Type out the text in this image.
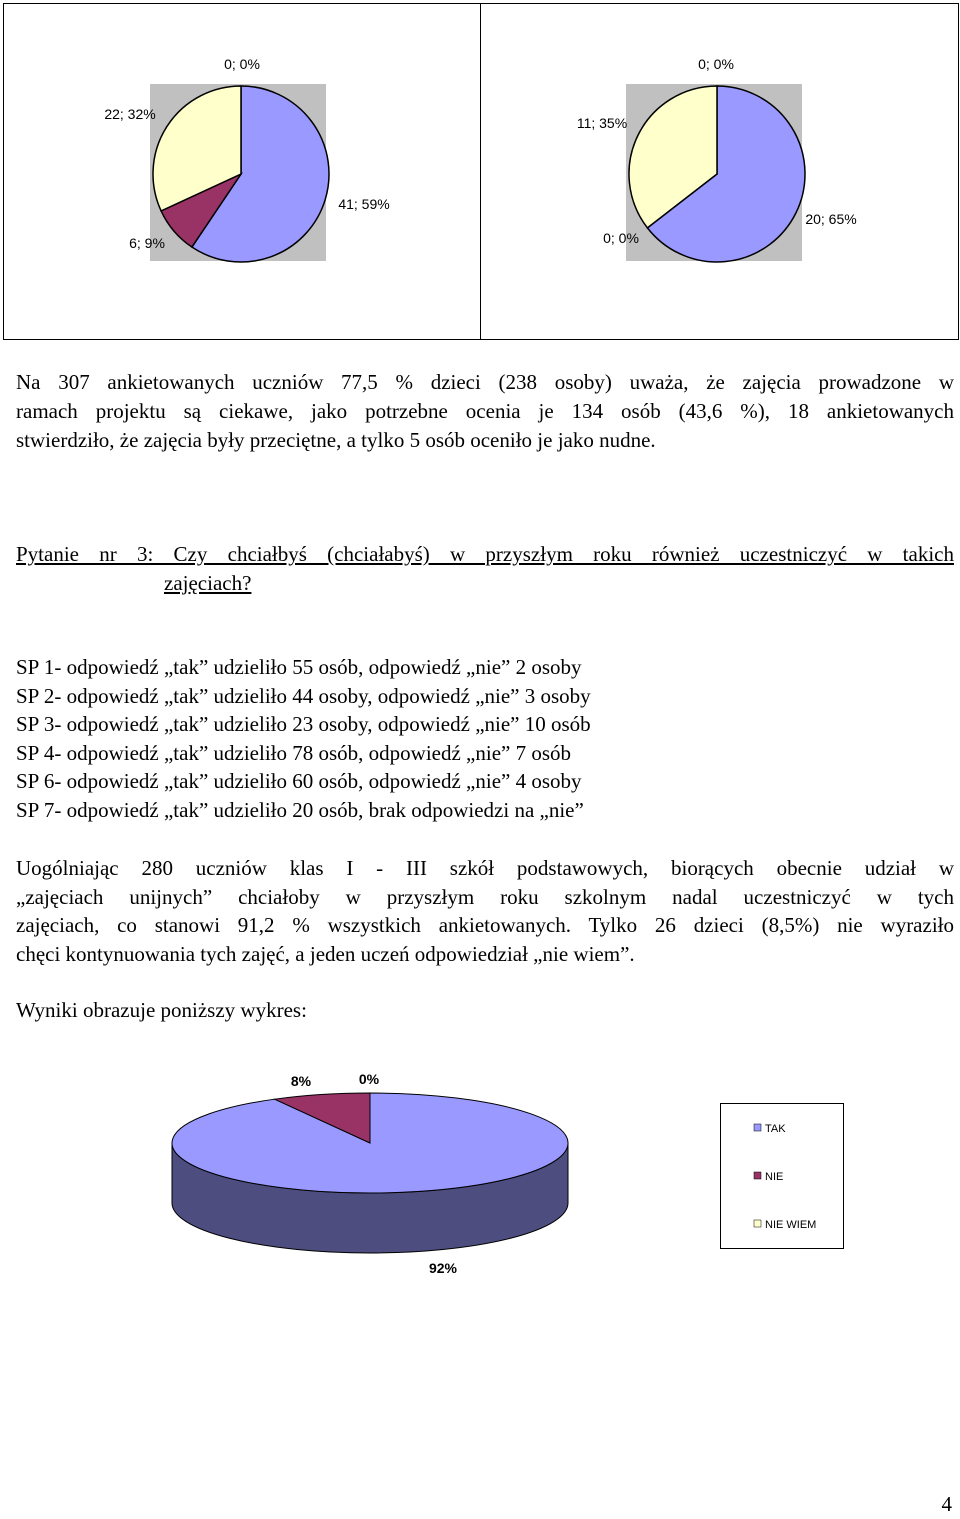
0; 0%
22; 32%
41; 59%
6; 9%
0; 0%
11; 35%
20; 65%
0; 0%
Na 307 ankietowanych uczniów 77,5 % dzieci (238 osoby) uważa, że zajęcia prowadzone w
ramach projektu są ciekawe, jako potrzebne ocenia je 134 osób (43,6 %), 18 ankietowanych
stwierdziło, że zajęcia były przeciętne, a tylko 5 osób oceniło je jako nudne.
Pytanie nr 3: Czy chciałbyś (chciałabyś) w przyszłym roku również uczestniczyć w takich
zajęciach?
SP 1- odpowiedź „tak” udzieliło 55 osób, odpowiedź „nie” 2 osoby
SP 2- odpowiedź „tak” udzieliło 44 osoby, odpowiedź „nie” 3 osoby
SP 3- odpowiedź „tak” udzieliło 23 osoby, odpowiedź „nie” 10 osób
SP 4- odpowiedź „tak” udzieliło 78 osób, odpowiedź „nie” 7 osób
SP 6- odpowiedź „tak” udzieliło 60 osób, odpowiedź „nie” 4 osoby
SP 7- odpowiedź „tak” udzieliło 20 osób, brak odpowiedzi na „nie”
Uogólniając 280 uczniów klas I - III szkół podstawowych, biorących obecnie udział w
„zajęciach unijnych” chciałoby w przyszłym roku szkolnym nadal uczestniczyć w tych
zajęciach, co stanowi 91,2 % wszystkich ankietowanych. Tylko 26 dzieci (8,5%) nie wyraziło
chęci kontynuowania tych zajęć, a jeden uczeń odpowiedział „nie wiem”.
Wyniki obrazuje poniższy wykres:
8%	0%
92%
TAK
NIE
NIE WIEM
4
